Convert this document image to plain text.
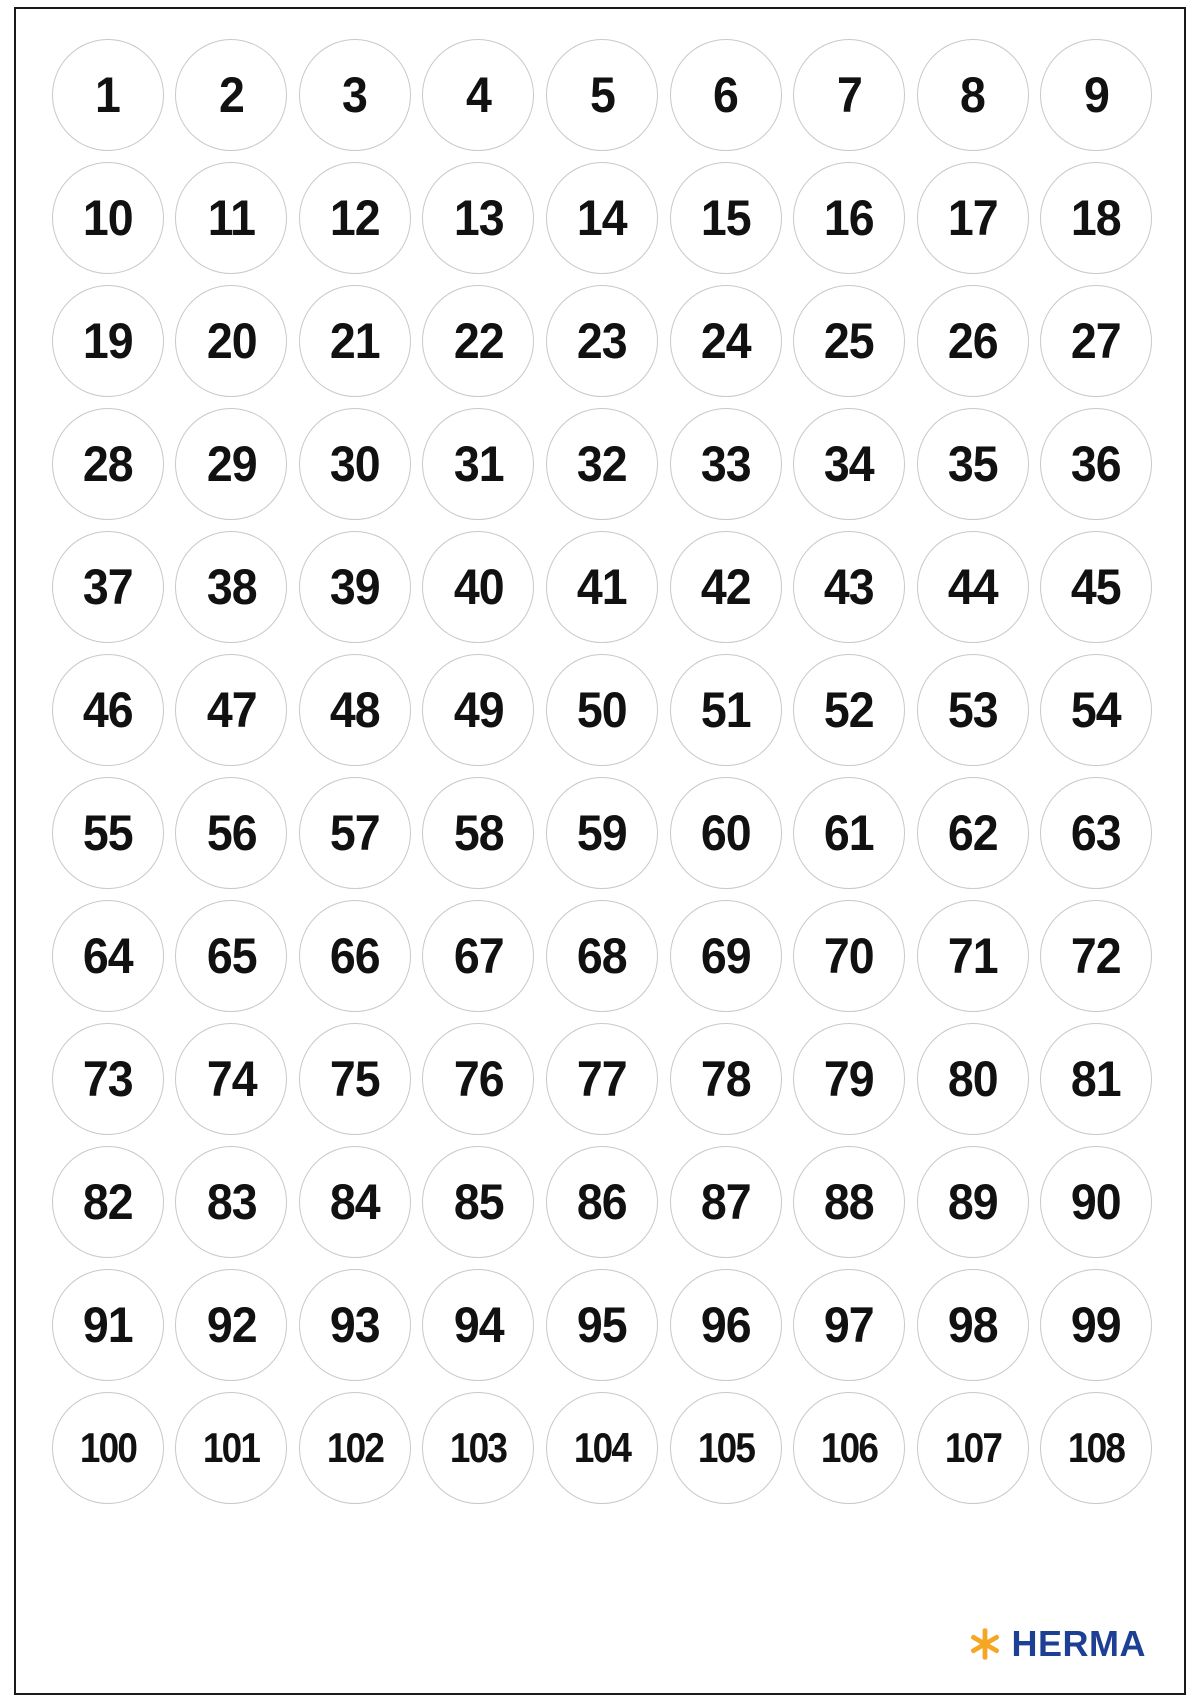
1 2 3 4 5 6 7 8 9
10 11 12 13 14 15 16 17 18
19 20 21 22 23 24 25 26 27
28 29 30 31 32 33 34 35 36
37 38 39 40 41 42 43 44 45
46 47 48 49 50 51 52 53 54
55 56 57 58 59 60 61 62 63
64 65 66 67 68 69 70 71 72
73 74 75 76 77 78 79 80 81
82 83 84 85 86 87 88 89 90
91 92 93 94 95 96 97 98 99
100 101 102 103 104 105 106 107 108
HERMA
